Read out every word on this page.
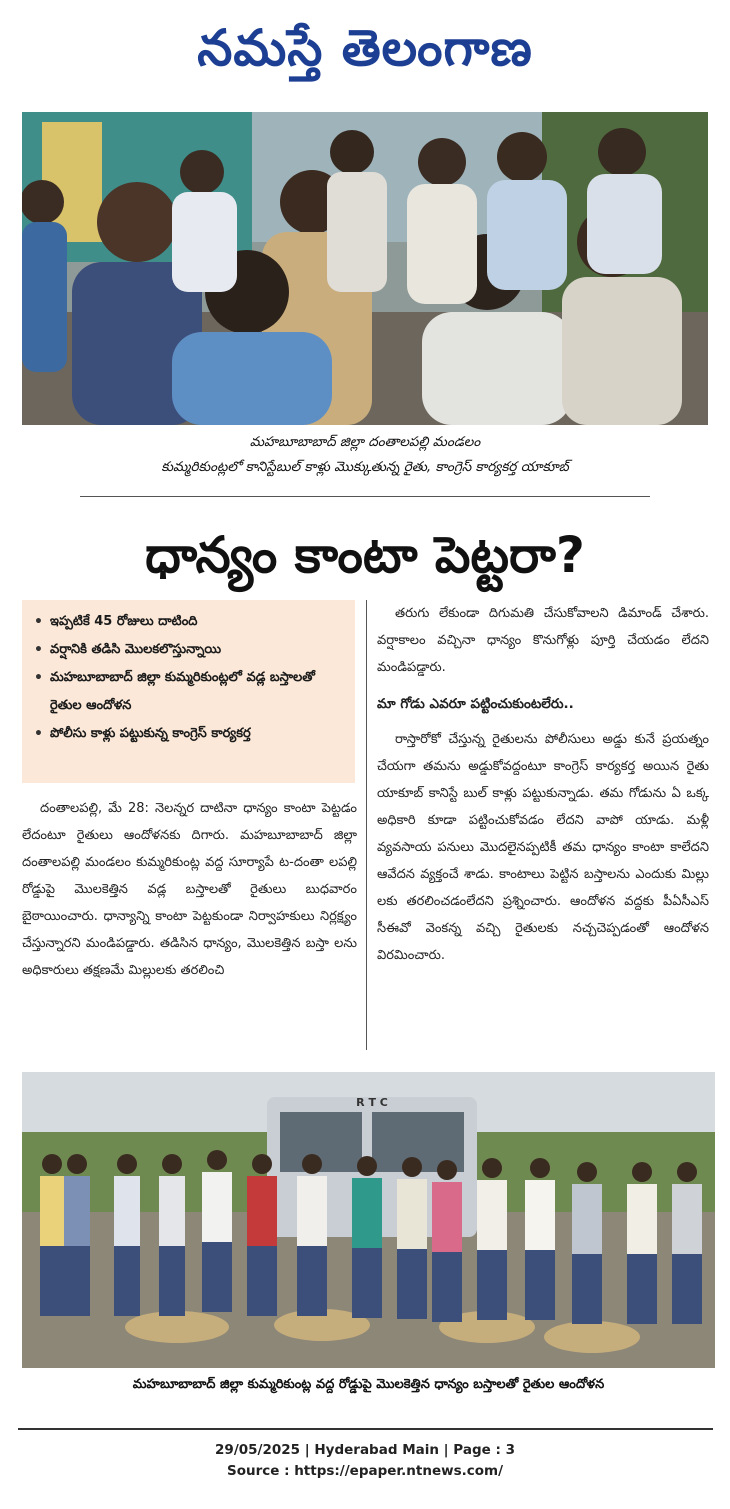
నమస్తే తెలంగాణ
మహబూబాబాద్ జిల్లా దంతాలపల్లి మండలం
కుమ్మరికుంట్లలో కానిస్టేబుల్ కాళ్లు మొక్కుతున్న రైతు, కాంగ్రెస్ కార్యకర్త యాకూబ్
ధాన్యం కాంటా పెట్టరా?
• ఇప్పటికే 45 రోజులు దాటింది
• వర్షానికి తడిసి మొలకలొస్తున్నాయి
• మహబూబాబాద్ జిల్లా కుమ్మరికుంట్లలో వడ్ల బస్తాలతో రైతుల ఆందోళన
• పోలీసు కాళ్లు పట్టుకున్న కాంగ్రెస్ కార్యకర్త

దంతాలపల్లి, మే 28: నెలన్నర దాటినా ధాన్యం కాంటా పెట్టడం లేదంటూ రైతులు ఆందోళనకు దిగారు. మహబూబాబాద్ జిల్లా దంతాలపల్లి మండలం కుమ్మరికుంట్ల వద్ద సూర్యాపే ట-దంతా లపల్లి రోడ్డుపై మొలకెత్తిన వడ్ల బస్తాలతో రైతులు బుధవారం బైఠాయించారు. ధాన్యాన్ని కాంటా పెట్టకుండా నిర్వాహకులు నిర్లక్ష్యం చేస్తున్నారని మండిపడ్డారు. తడిసిన ధాన్యం, మొలకెత్తిన బస్తా లను అధికారులు తక్షణమే మిల్లులకు తరలించి

తరుగు లేకుండా దిగుమతి చేసుకోవాలని డిమాండ్ చేశారు. వర్షాకాలం వచ్చినా ధాన్యం కొనుగోళ్లు పూర్తి చేయడం లేదని మండిపడ్డారు.

మా గోడు ఎవరూ పట్టించుకుంటలేరు..

రాస్తారోకో చేస్తున్న రైతులను పోలీసులు అడ్డు కునే ప్రయత్నం చేయగా తమను అడ్డుకోవద్దంటూ కాంగ్రెస్ కార్యకర్త అయిన రైతు యాకూబ్ కానిస్టే బుల్ కాళ్లు పట్టుకున్నాడు. తమ గోడును ఏ ఒక్క అధికారి కూడా పట్టించుకోవడం లేదని వాపో యాడు. మళ్లీ వ్యవసాయ పనులు మొదలైనప్పటికీ తమ ధాన్యం కాంటా కాలేదని ఆవేదన వ్యక్తంచే శాడు. కాంటాలు పెట్టిన బస్తాలను ఎందుకు మిల్లు లకు తరలించడంలేదని ప్రశ్నించారు. ఆందోళన వద్దకు పీఏసీఎస్ సీఈవో వెంకన్న వచ్చి రైతులకు నచ్చచెప్పడంతో ఆందోళన విరమించారు.

R T C
మహబూబాబాద్ జిల్లా కుమ్మరికుంట్ల వద్ద రోడ్డుపై మొలకెత్తిన ధాన్యం బస్తాలతో రైతుల ఆందోళన
29/05/2025 | Hyderabad Main | Page : 3
Source : https://epaper.ntnews.com/
